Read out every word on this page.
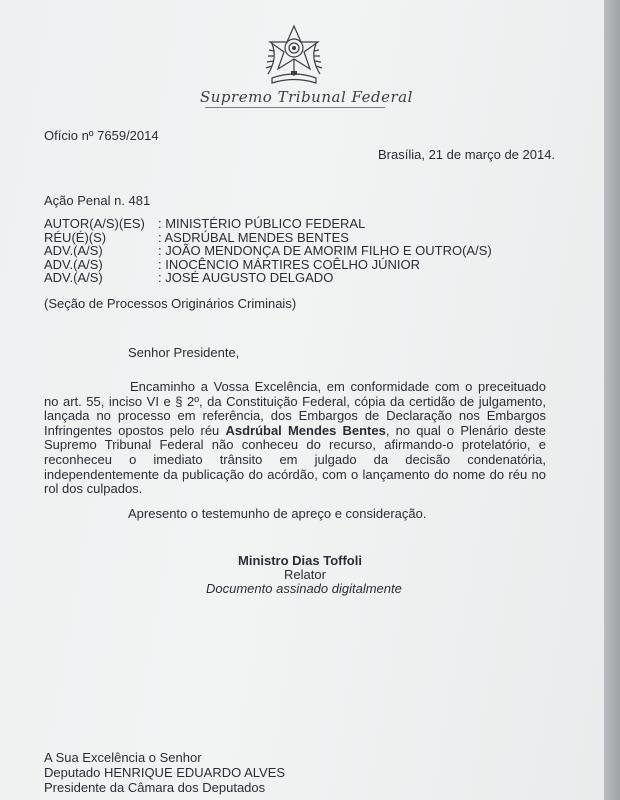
Supremo Tribunal Federal
Ofício nº 7659/2014
Brasília, 21 de março de 2014.
Ação Penal n. 481
AUTOR(A/S)(ES)	: MINISTÉRIO PÚBLICO FEDERAL
RÉU(É)(S)	: ASDRÚBAL MENDES BENTES
ADV.(A/S)	: JOÃO MENDONÇA DE AMORIM FILHO E OUTRO(A/S)
ADV.(A/S)	: INOCÊNCIO MÁRTIRES COÊLHO JÚNIOR
ADV.(A/S)	: JOSÉ AUGUSTO DELGADO
(Seção de Processos Originários Criminais)
Senhor Presidente,
Encaminho a Vossa Excelência, em conformidade com o preceituado no art. 55, inciso VI e § 2º, da Constituição Federal, cópia da certidão de julgamento, lançada no processo em referência, dos Embargos de Declaração nos Embargos Infringentes opostos pelo réu Asdrúbal Mendes Bentes, no qual o Plenário deste Supremo Tribunal Federal não conheceu do recurso, afirmando-o protelatório, e reconheceu o imediato trânsito em julgado da decisão condenatória, independentemente da publicação do acórdão, com o lançamento do nome do réu no rol dos culpados.
Apresento o testemunho de apreço e consideração.
Ministro Dias Toffoli
Relator
Documento assinado digitalmente
A Sua Excelência o Senhor
Deputado HENRIQUE EDUARDO ALVES
Presidente da Câmara dos Deputados
